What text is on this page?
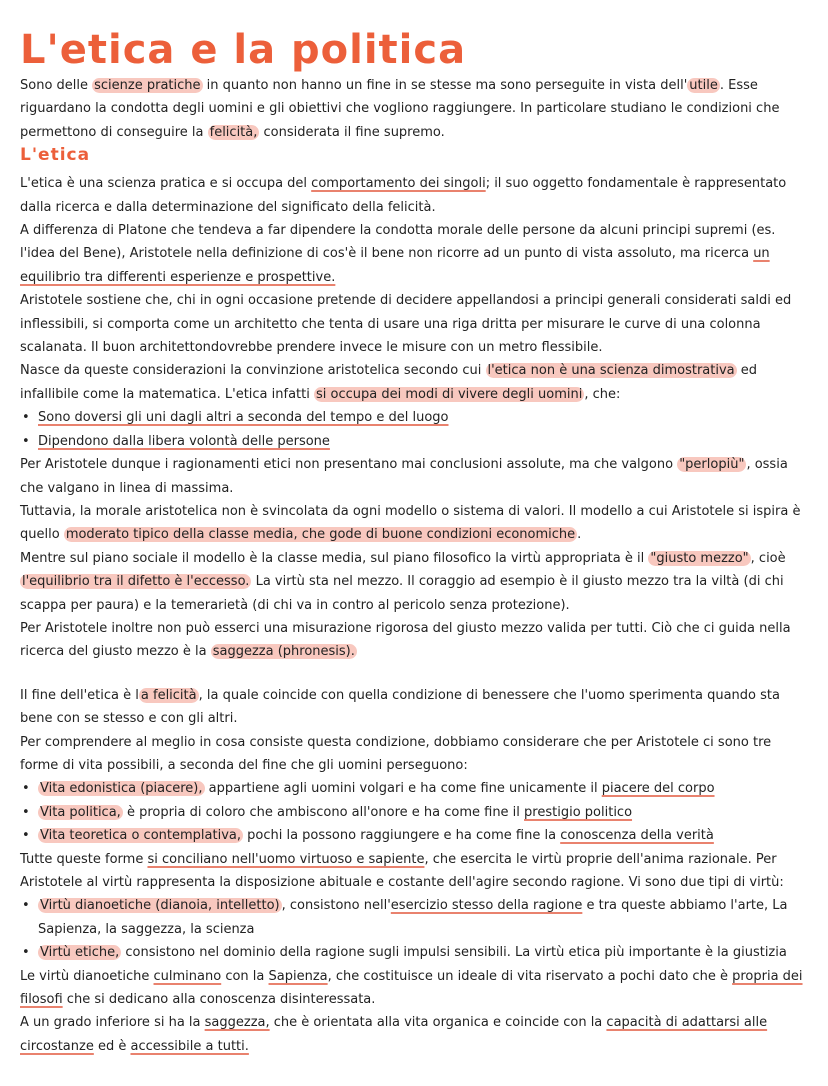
L'etica e la politica

Sono delle scienze pratiche in quanto non hanno un fine in se stesse ma sono perseguite in vista dell' utile . Esse riguardano la condotta degli uomini e gli obiettivi che vogliono raggiungere. In particolare studiano le condizioni che permettono di conseguire la felicità, considerata il fine supremo.

L'etica

L'etica è una scienza pratica e si occupa del comportamento dei singoli; il suo oggetto fondamentale è rappresentato dalla ricerca e dalla determinazione del significato della felicità.

A differenza di Platone che tendeva a far dipendere la condotta morale delle persone da alcuni principi supremi (es. l'idea del Bene), Aristotele nella definizione di cos'è il bene non ricorre ad un punto di vista assoluto, ma ricerca un equilibrio tra differenti esperienze e prospettive.

Aristotele sostiene che, chi in ogni occasione pretende di decidere appellandosi a principi generali considerati saldi ed inflessibili, si comporta come un architetto che tenta di usare una riga dritta per misurare le curve di una colonna scalanata. Il buon architettondovrebbe prendere invece le misure con un metro flessibile.

Nasce da queste considerazioni la convinzione aristotelica secondo cui l'etica non è una scienza dimostrativa ed infallibile come la matematica. L'etica infatti si occupa dei modi di vivere degli uomini , che:

• Sono doversi gli uni dagli altri a seconda del tempo e del luogo
• Dipendono dalla libera volontà delle persone

Per Aristotele dunque i ragionamenti etici non presentano mai conclusioni assolute, ma che valgono "perlopiù" , ossia che valgano in linea di massima.

Tuttavia, la morale aristotelica non è svincolata da ogni modello o sistema di valori. Il modello a cui Aristotele si ispira è quello moderato tipico della classe media, che gode di buone condizioni economiche .

Mentre sul piano sociale il modello è la classe media, sul piano filosofico la virtù appropriata è il "giusto mezzo" , cioè l'equilibrio tra il difetto è l'eccesso. La virtù sta nel mezzo. Il coraggio ad esempio è il giusto mezzo tra la viltà (di chi scappa per paura) e la temerarietà (di chi va in contro al pericolo senza protezione).

Per Aristotele inoltre non può esserci una misurazione rigorosa del giusto mezzo valida per tutti. Ciò che ci guida nella ricerca del giusto mezzo è la saggezza (phronesis).

Il fine dell'etica è l a felicità , la quale coincide con quella condizione di benessere che l'uomo sperimenta quando sta bene con se stesso e con gli altri.

Per comprendere al meglio in cosa consiste questa condizione, dobbiamo considerare che per Aristotele ci sono tre forme di vita possibili, a seconda del fine che gli uomini perseguono:

• Vita edonistica (piacere), appartiene agli uomini volgari e ha come fine unicamente il piacere del corpo
• Vita politica, è propria di coloro che ambiscono all'onore e ha come fine il prestigio politico
• Vita teoretica o contemplativa, pochi la possono raggiungere e ha come fine la conoscenza della verità

Tutte queste forme si conciliano nell'uomo virtuoso e sapiente, che esercita le virtù proprie dell'anima razionale. Per Aristotele al virtù rappresenta la disposizione abituale e costante dell'agire secondo ragione. Vi sono due tipi di virtù:

• Virtù dianoetiche (dianoia, intelletto) , consistono nell'esercizio stesso della ragione e tra queste abbiamo l'arte, La Sapienza, la saggezza, la scienza
• Virtù etiche, consistono nel dominio della ragione sugli impulsi sensibili. La virtù etica più importante è la giustizia

Le virtù dianoetiche culminano con la Sapienza, che costituisce un ideale di vita riservato a pochi dato che è propria dei filosofi che si dedicano alla conoscenza disinteressata.

A un grado inferiore si ha la saggezza, che è orientata alla vita organica e coincide con la capacità di adattarsi alle circostanze ed è accessibile a tutti.
